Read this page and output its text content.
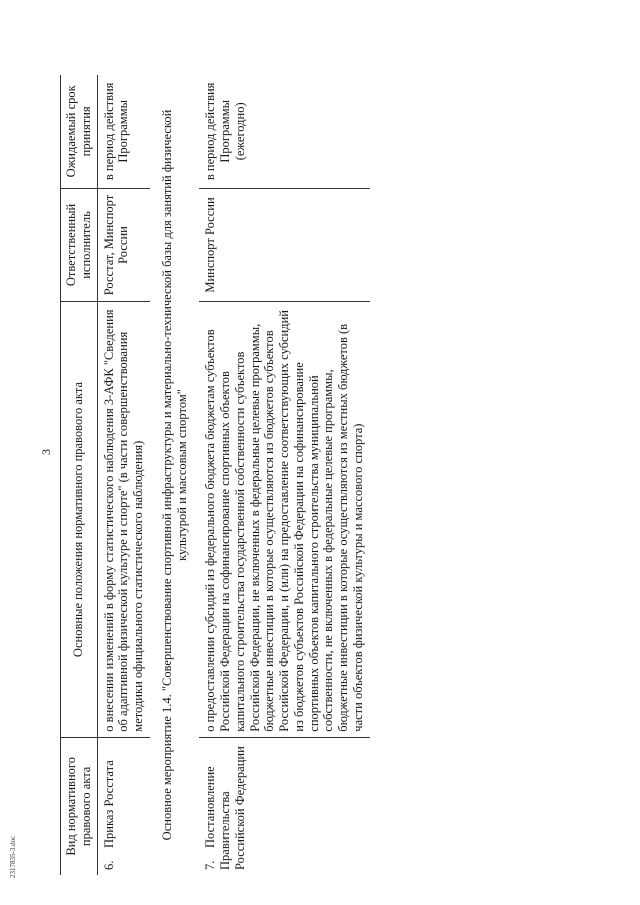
3
2317835-3.doc
Вид нормативного правового акта	Основные положения нормативного правового акта	Ответственный исполнитель	Ожидаемый срок принятия
6.Приказ Росстата	о внесении изменений в форму статистического наблюдения 3-АФК "Сведения об адаптивной физической культуре и спорте" (в части совершенствования методики официального статистического наблюдения)	Росстат, Минспорт России	в период действия Программы
Основное мероприятие 1.4. "Совершенствование спортивной инфраструктуры и материально-технической базы для занятий физической культурой и массовым спортом"			
7.Постановление Правительства Российской Федерации	о предоставлении субсидий из федерального бюджета бюджетам субъектов Российской Федерации на софинансирование спортивных объектов капитального строительства государственной собственности субъектов Российской Федерации, не включенных в федеральные целевые программы, бюджетные инвестиции в которые осуществляются из бюджетов субъектов Российской Федерации, и (или) на предоставление соответствующих субсидий из бюджетов субъектов Российской Федерации на софинансирование спортивных объектов капитального строительства муниципальной собственности, не включенных в федеральные целевые программы, бюджетные инвестиции в которые осуществляются из местных бюджетов (в части объектов физической культуры и массового спорта)	Минспорт России	в период действия Программы (ежегодно)
